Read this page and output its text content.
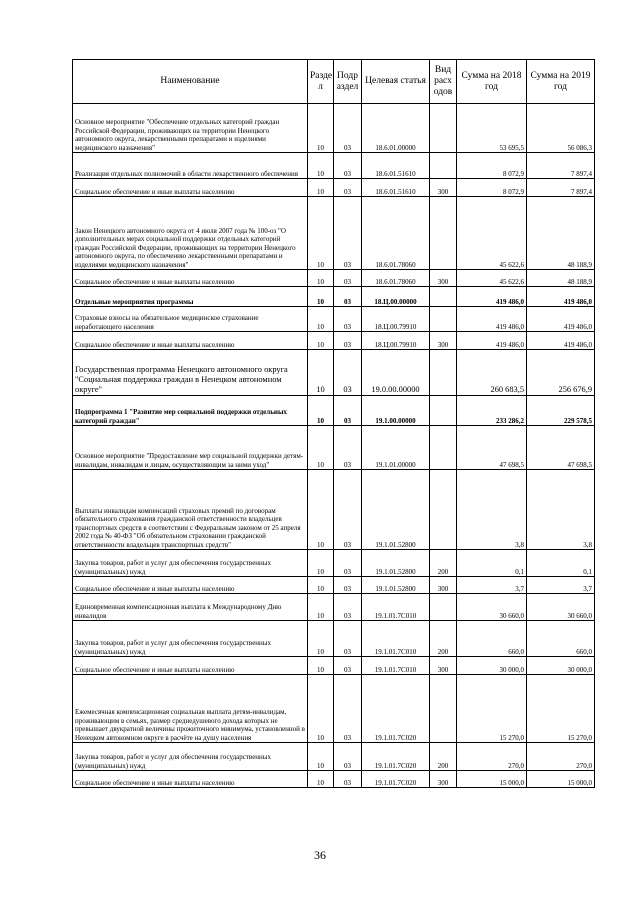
Наименование	Разде л	Подр аздел	Целевая статья	Вид расх одов	Сумма на 2018 год	Сумма на 2019 год
Основное мероприятие "Обеспечение отдельных категорий граждан Российской Федерации, проживающих на территории Ненецкого автономного округа, лекарственными препаратами и изделиями медицинского назначения"	10	03	18.6.01.00000		53 695,5	56 086,3
Реализация отдельных полномочий в области лекарственного обеспечения	10	03	18.6.01.51610		8 072,9	7 897,4
Социальное обеспечение и иные выплаты населению	10	03	18.6.01.51610	300	8 072,9	7 897,4
Закон Ненецкого автономного округа от 4 июля 2007 года № 100-оз "О дополнительных мерах социальной поддержки отдельных категорий граждан Российской Федерации, проживающих на территории Ненецкого автономного округа, по обеспечению лекарственными препаратами и изделиями медицинского назначения"	10	03	18.6.01.78060		45 622,6	48 188,9
Социальное обеспечение и иные выплаты населению	10	03	18.6.01.78060	300	45 622,6	48 188,9
Отдельные мероприятия программы	10	03	18.Ц.00.00000		419 486,0	419 486,0
Страховые взносы на обязательное медицинское страхование неработающего населения	10	03	18.Ц.00.79910		419 486,0	419 486,0
Социальное обеспечение и иные выплаты населению	10	03	18.Ц.00.79910	300	419 486,0	419 486,0
Государственная программа Ненецкого автономного округа "Социальная поддержка граждан в Ненецком автономном округе"	10	03	19.0.00.00000		260 683,5	256 676,9
Подпрограмма 1 "Развитие мер социальной поддержки отдельных категорий граждан"	10	03	19.1.00.00000		233 286,2	229 578,5
Основное мероприятие "Предоставление мер социальной поддержки детям-инвалидам, инвалидам и лицам, осуществляющим за ними уход"	10	03	19.1.01.00000		47 698,5	47 698,5
Выплаты инвалидам компенсаций страховых премий по договорам обязательного страхования гражданской ответственности владельцев транспортных средств в соответствии с Федеральным законом от 25 апреля 2002 года № 40-ФЗ "Об обязательном страховании гражданской ответственности владельцев транспортных средств"	10	03	19.1.01.52800		3,8	3,8
Закупка товаров, работ и услуг для обеспечения государственных (муниципальных) нужд	10	03	19.1.01.52800	200	0,1	0,1
Социальное обеспечение и иные выплаты населению	10	03	19.1.01.52800	300	3,7	3,7
Единовременная компенсационная выплата к Международному Дню инвалидов	10	03	19.1.01.7C010		30 660,0	30 660,0
Закупка товаров, работ и услуг для обеспечения государственных (муниципальных) нужд	10	03	19.1.01.7C010	200	660,0	660,0
Социальное обеспечение и иные выплаты населению	10	03	19.1.01.7C010	300	30 000,0	30 000,0
Ежемесячная компенсационная социальная выплата детям-инвалидам, проживающим в семьях, размер среднедушевого дохода которых не превышает двукратной величины прожиточного минимума, установленной в Ненецком автономном округе в расчёте на душу населения	10	03	19.1.01.7C020		15 270,0	15 270,0
Закупка товаров, работ и услуг для обеспечения государственных (муниципальных) нужд	10	03	19.1.01.7C020	200	270,0	270,0
Социальное обеспечение и иные выплаты населению	10	03	19.1.01.7C020	300	15 000,0	15 000,0
36
